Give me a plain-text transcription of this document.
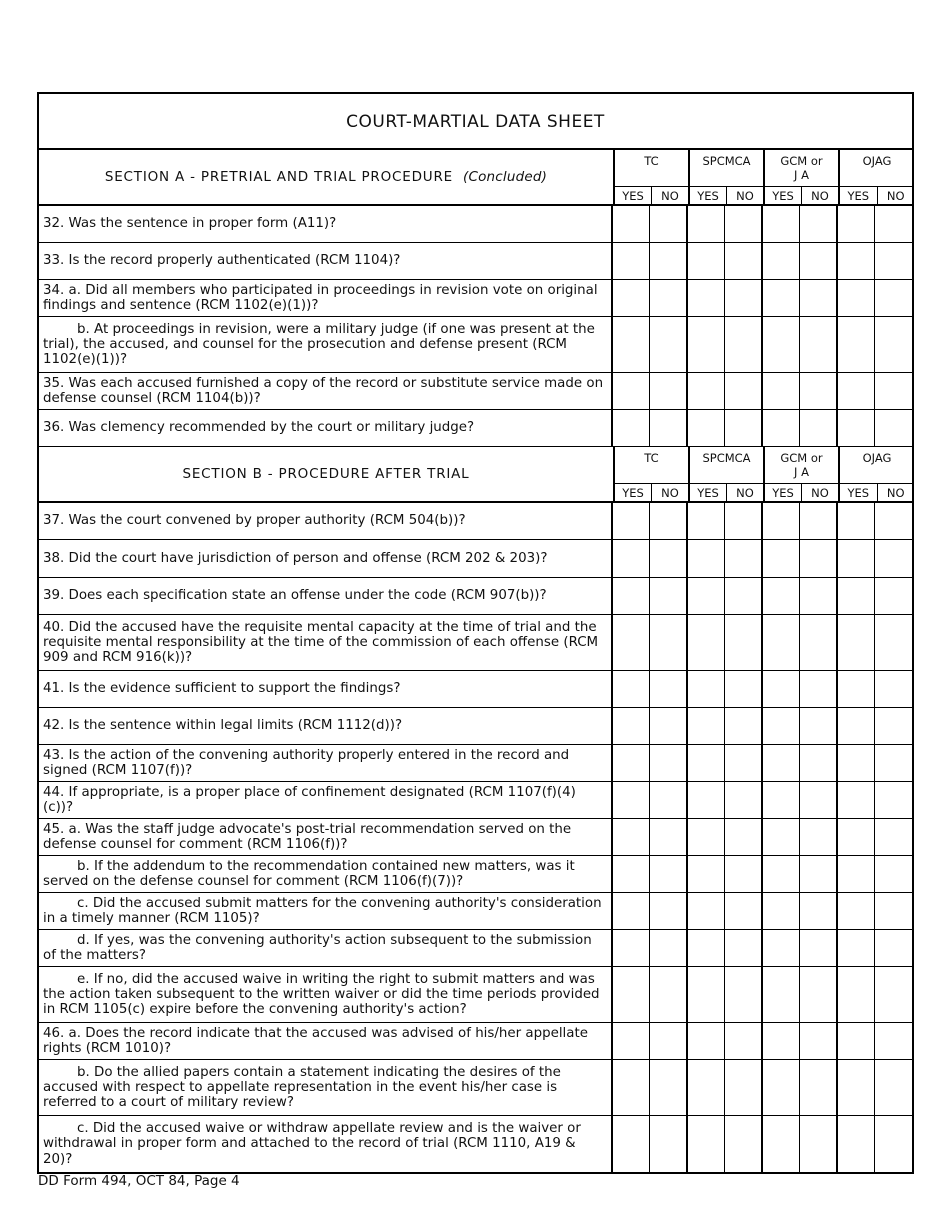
COURT-MARTIAL DATA SHEET
SECTION A - PRETRIAL AND TRIAL PROCEDURE (Concluded)
TC
YES	NO
SPCMCA
YES	NO
GCM or
J A
YES	NO
OJAG
YES	NO
32. Was the sentence in proper form (A11)?
33. Is the record properly authenticated (RCM 1104)?
34. a. Did all members who participated in proceedings in revision vote on original findings and sentence (RCM 1102(e)(1))?
b. At proceedings in revision, were a military judge (if one was present at the trial), the accused, and counsel for the prosecution and defense present (RCM 1102(e)(1))?
35. Was each accused furnished a copy of the record or substitute service made on defense counsel (RCM 1104(b))?
36. Was clemency recommended by the court or military judge?
SECTION B - PROCEDURE AFTER TRIAL
TC
YES	NO
SPCMCA
YES	NO
GCM or
J A
YES	NO
OJAG
YES	NO
37. Was the court convened by proper authority (RCM 504(b))?
38. Did the court have jurisdiction of person and offense (RCM 202 & 203)?
39. Does each specification state an offense under the code (RCM 907(b))?
40. Did the accused have the requisite mental capacity at the time of trial and the requisite mental responsibility at the time of the commission of each offense (RCM 909 and RCM 916(k))?
41. Is the evidence sufficient to support the findings?
42. Is the sentence within legal limits (RCM 1112(d))?
43. Is the action of the convening authority properly entered in the record and signed (RCM 1107(f))?
44. If appropriate, is a proper place of confinement designated (RCM 1107(f)(4)(c))?
45. a. Was the staff judge advocate's post-trial recommendation served on the defense counsel for comment (RCM 1106(f))?
b. If the addendum to the recommendation contained new matters, was it served on the defense counsel for comment (RCM 1106(f)(7))?
c. Did the accused submit matters for the convening authority's consideration in a timely manner (RCM 1105)?
d. If yes, was the convening authority's action subsequent to the submission of the matters?
e. If no, did the accused waive in writing the right to submit matters and was the action taken subsequent to the written waiver or did the time periods provided in RCM 1105(c) expire before the convening authority's action?
46. a. Does the record indicate that the accused was advised of his/her appellate rights (RCM 1010)?
b. Do the allied papers contain a statement indicating the desires of the accused with respect to appellate representation in the event his/her case is referred to a court of military review?
c. Did the accused waive or withdraw appellate review and is the waiver or withdrawal in proper form and attached to the record of trial (RCM 1110, A19 & 20)?
DD Form 494, OCT 84, Page 4
